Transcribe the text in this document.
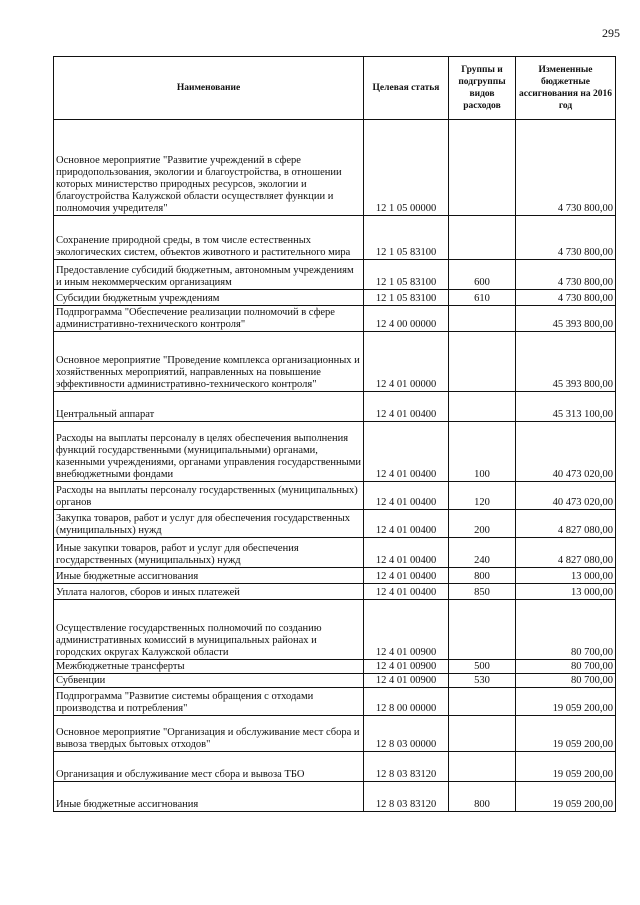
295
Наименование	Целевая статья	Группы и подгруппы видов расходов	Измененные бюджетные ассигнования на 2016 год
Основное мероприятие "Развитие учреждений в сфере природопользования, экологии и благоустройства, в отношении которых министерство природных ресурсов, экологии и благоустройства Калужской области осуществляет функции и полномочия учредителя"	12 1 05 00000		4 730 800,00
Сохранение природной среды, в том числе естественных экологических систем, объектов животного и растительного мира	12 1 05 83100		4 730 800,00
Предоставление субсидий бюджетным, автономным учреждениям и иным некоммерческим организациям	12 1 05 83100	600	4 730 800,00
Субсидии бюджетным учреждениям	12 1 05 83100	610	4 730 800,00
Подпрограмма "Обеспечение реализации полномочий в сфере административно-технического контроля"	12 4 00 00000		45 393 800,00
Основное мероприятие "Проведение комплекса организационных и хозяйственных мероприятий, направленных на повышение эффективности административно-технического контроля"	12 4 01 00000		45 393 800,00
Центральный аппарат	12 4 01 00400		45 313 100,00
Расходы на выплаты персоналу в целях обеспечения выполнения функций государственными (муниципальными) органами, казенными учреждениями, органами управления государственными внебюджетными фондами	12 4 01 00400	100	40 473 020,00
Расходы на выплаты персоналу государственных (муниципальных) органов	12 4 01 00400	120	40 473 020,00
Закупка товаров, работ и услуг для обеспечения государственных (муниципальных) нужд	12 4 01 00400	200	4 827 080,00
Иные закупки товаров, работ и услуг для обеспечения государственных (муниципальных) нужд	12 4 01 00400	240	4 827 080,00
Иные бюджетные ассигнования	12 4 01 00400	800	13 000,00
Уплата налогов, сборов и иных платежей	12 4 01 00400	850	13 000,00
Осуществление государственных полномочий по созданию административных комиссий в муниципальных районах и городских округах Калужской области	12 4 01 00900		80 700,00
Межбюджетные трансферты	12 4 01 00900	500	80 700,00
Субвенции	12 4 01 00900	530	80 700,00
Подпрограмма "Развитие системы обращения с отходами производства и потребления"	12 8 00 00000		19 059 200,00
Основное мероприятие "Организация и обслуживание мест сбора и вывоза твердых бытовых отходов"	12 8 03 00000		19 059 200,00
Организация и обслуживание мест сбора и вывоза ТБО	12 8 03 83120		19 059 200,00
Иные бюджетные ассигнования	12 8 03 83120	800	19 059 200,00
